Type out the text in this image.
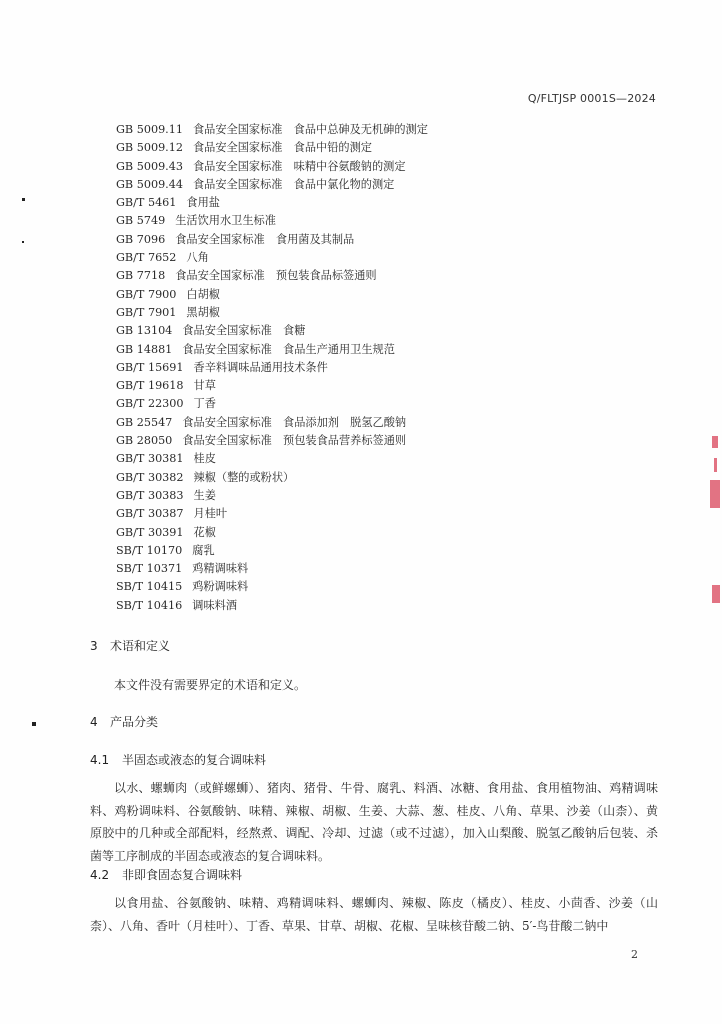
Q/FLTJSP 0001S—2024
GB 5009.11 食品安全国家标准　食品中总砷及无机砷的测定
GB 5009.12 食品安全国家标准　食品中铅的测定
GB 5009.43 食品安全国家标准　味精中谷氨酸钠的测定
GB 5009.44 食品安全国家标准　食品中氯化物的测定
GB/T 5461 食用盐
GB 5749 生活饮用水卫生标准
GB 7096 食品安全国家标准　食用菌及其制品
GB/T 7652 八角
GB 7718 食品安全国家标准　预包装食品标签通则
GB/T 7900 白胡椒
GB/T 7901 黑胡椒
GB 13104 食品安全国家标准　食糖
GB 14881 食品安全国家标准　食品生产通用卫生规范
GB/T 15691 香辛料调味品通用技术条件
GB/T 19618 甘草
GB/T 22300 丁香
GB 25547 食品安全国家标准　食品添加剂　脱氢乙酸钠
GB 28050 食品安全国家标准　预包装食品营养标签通则
GB/T 30381 桂皮
GB/T 30382 辣椒（整的或粉状）
GB/T 30383 生姜
GB/T 30387 月桂叶
GB/T 30391 花椒
SB/T 10170 腐乳
SB/T 10371 鸡精调味料
SB/T 10415 鸡粉调味料
SB/T 10416 调味料酒
3 术语和定义
本文件没有需要界定的术语和定义。
4 产品分类
4.1 半固态或液态的复合调味料
以水、螺蛳肉（或鲜螺蛳）、猪肉、猪骨、牛骨、腐乳、料酒、冰糖、食用盐、食用植物油、鸡精调味料、鸡粉调味料、谷氨酸钠、味精、辣椒、胡椒、生姜、大蒜、葱、桂皮、八角、草果、沙姜（山柰）、黄原胶中的几种或全部配料，经熬煮、调配、冷却、过滤（或不过滤），加入山梨酸、脱氢乙酸钠后包装、杀菌等工序制成的半固态或液态的复合调味料。
4.2 非即食固态复合调味料
以食用盐、谷氨酸钠、味精、鸡精调味料、螺蛳肉、辣椒、陈皮（橘皮）、桂皮、小茴香、沙姜（山柰）、八角、香叶（月桂叶）、丁香、草果、甘草、胡椒、花椒、呈味核苷酸二钠、5′-鸟苷酸二钠中
2
